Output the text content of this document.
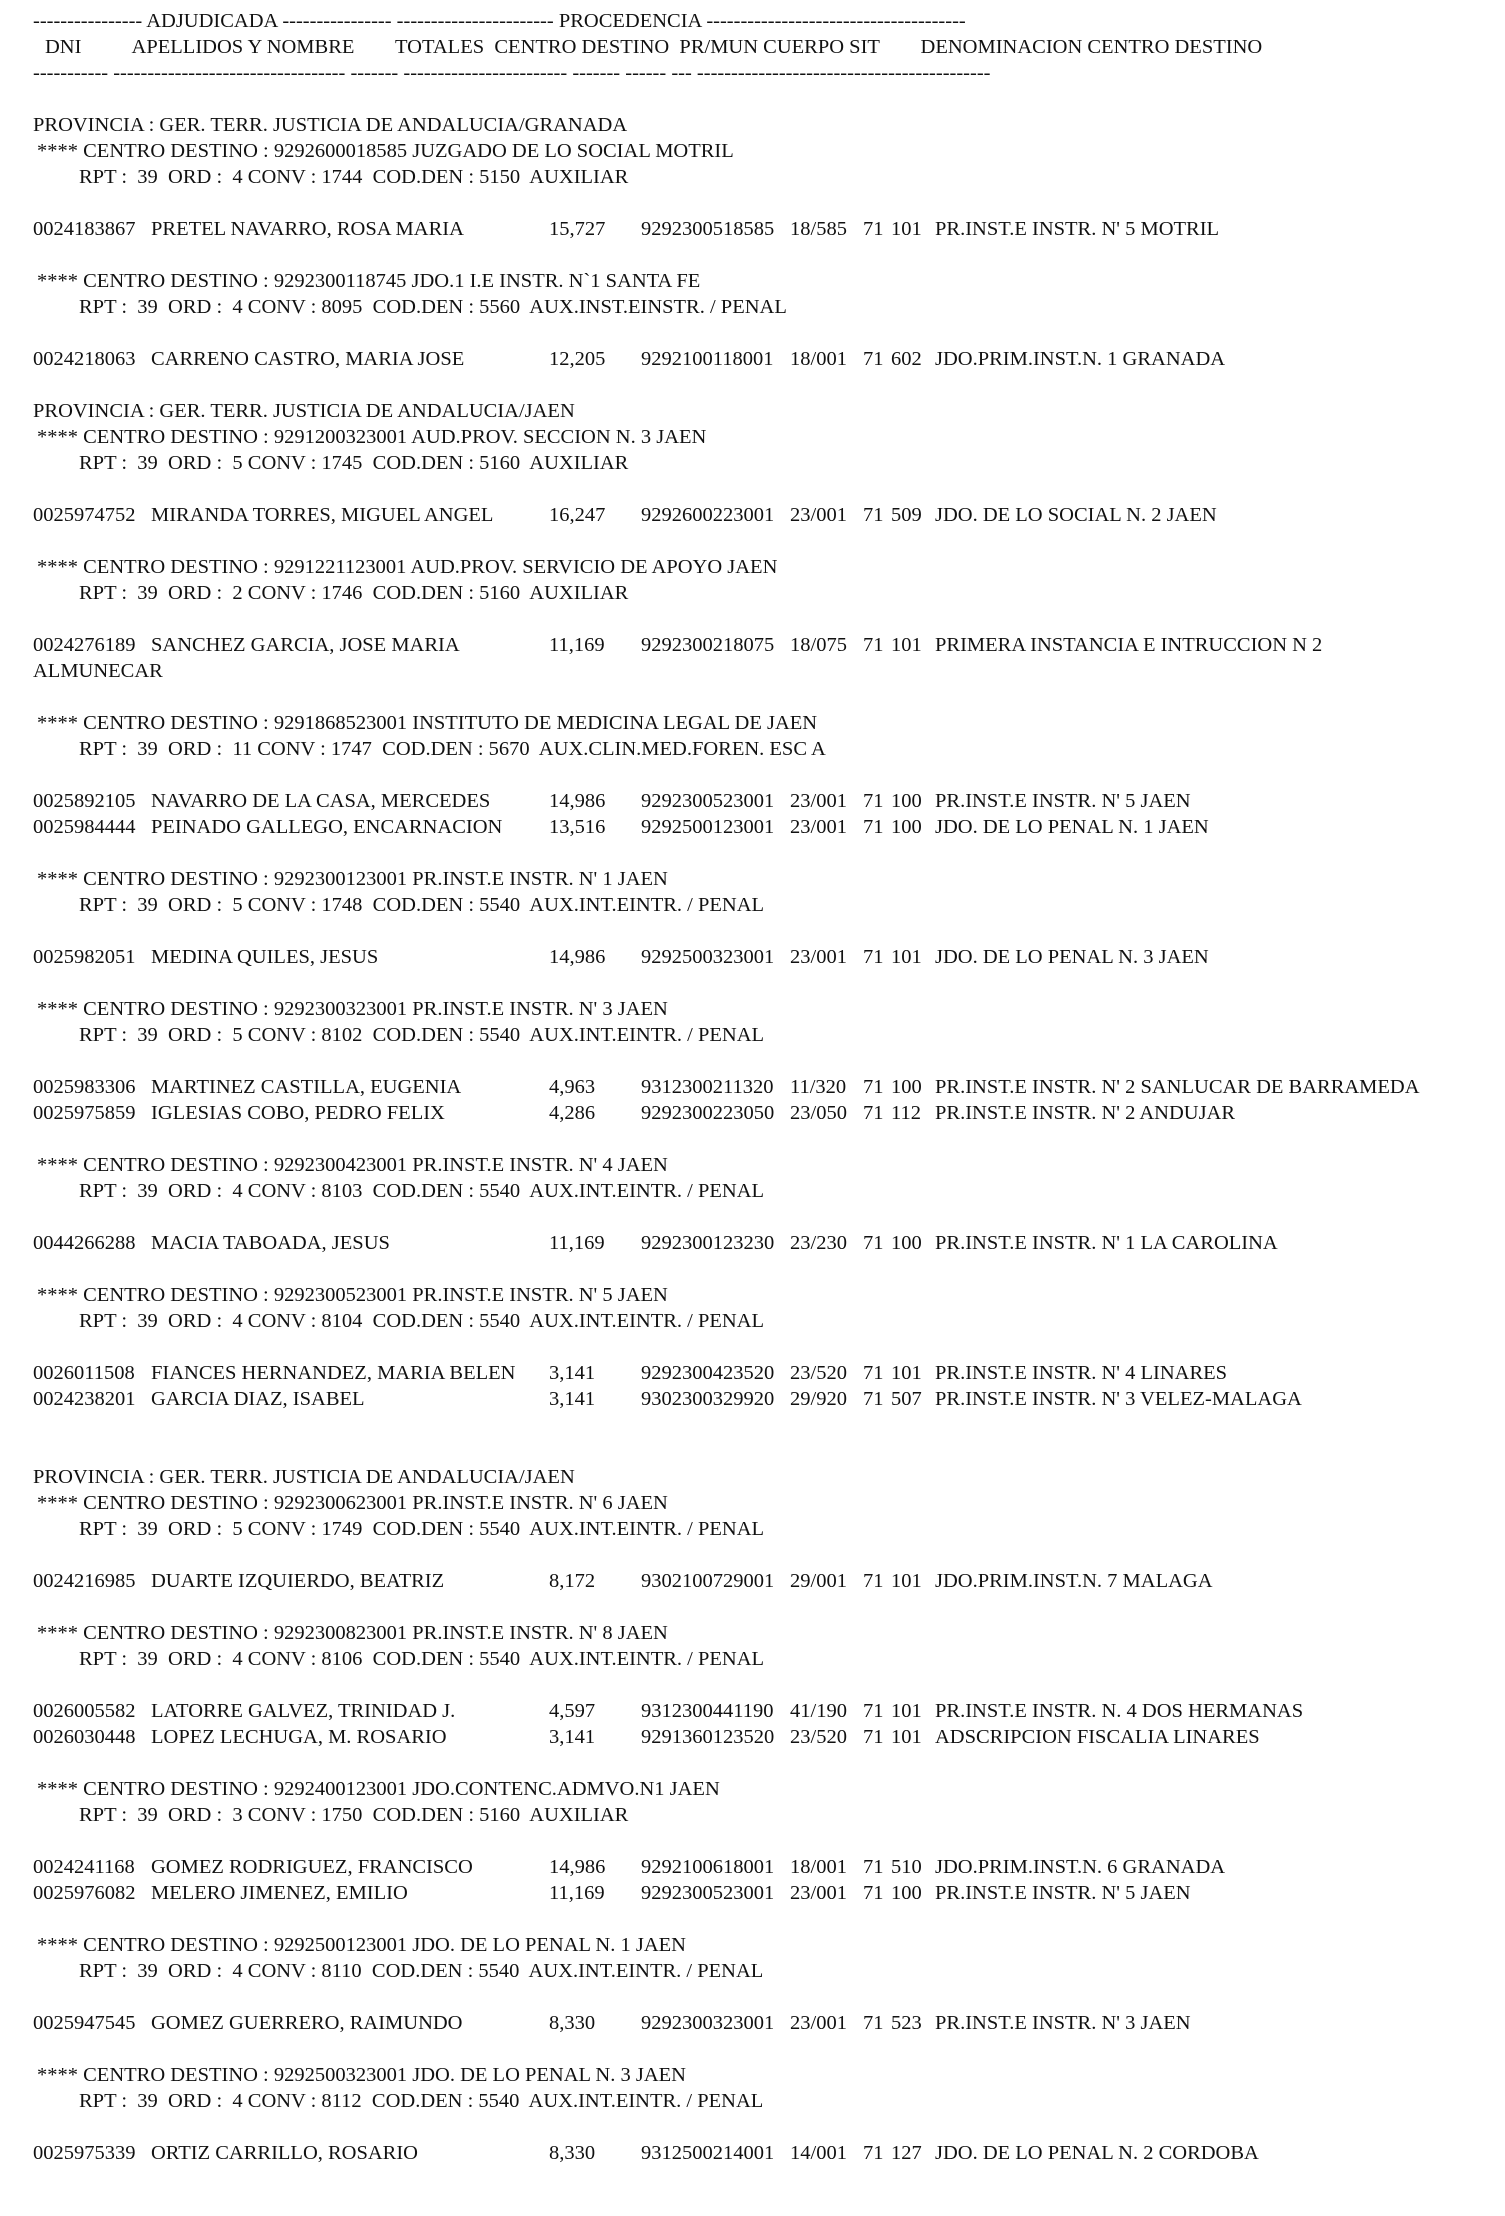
---------------- ADJUDICADA ---------------- ----------------------- PROCEDENCIA --------------------------------------
DNI          APELLIDOS Y NOMBRE        TOTALES  CENTRO DESTINO  PR/MUN CUERPO SIT        DENOMINACION CENTRO DESTINO
----------- ---------------------------------- ------- ------------------------ ------- ------ --- -------------------------------------------
PROVINCIA : GER. TERR. JUSTICIA DE ANDALUCIA/GRANADA
**** CENTRO DESTINO : 9292600018585 JUZGADO DE LO SOCIAL MOTRIL
RPT :  39  ORD :  4 CONV : 1744  COD.DEN : 5150  AUXILIAR
0024183867 PRETEL NAVARRO, ROSA MARIA	15,727 9292300518585 18/585 71 101 PR.INST.E INSTR. N' 5 MOTRIL
**** CENTRO DESTINO : 9292300118745 JDO.1 I.E INSTR. N`1 SANTA FE
RPT :  39  ORD :  4 CONV : 8095  COD.DEN : 5560  AUX.INST.EINSTR. / PENAL
0024218063 CARRENO CASTRO, MARIA JOSE	12,205 9292100118001 18/001 71 602 JDO.PRIM.INST.N. 1 GRANADA
PROVINCIA : GER. TERR. JUSTICIA DE ANDALUCIA/JAEN
**** CENTRO DESTINO : 9291200323001 AUD.PROV. SECCION N. 3 JAEN
RPT :  39  ORD :  5 CONV : 1745  COD.DEN : 5160  AUXILIAR
0025974752 MIRANDA TORRES, MIGUEL ANGEL	16,247 9292600223001 23/001 71 509 JDO. DE LO SOCIAL N. 2 JAEN
**** CENTRO DESTINO : 9291221123001 AUD.PROV. SERVICIO DE APOYO JAEN
RPT :  39  ORD :  2 CONV : 1746  COD.DEN : 5160  AUXILIAR
0024276189 SANCHEZ GARCIA, JOSE MARIA	11,169 9292300218075 18/075 71 101 PRIMERA INSTANCIA E INTRUCCION N 2
ALMUNECAR
**** CENTRO DESTINO : 9291868523001 INSTITUTO DE MEDICINA LEGAL DE JAEN
RPT :  39  ORD :  11 CONV : 1747  COD.DEN : 5670  AUX.CLIN.MED.FOREN. ESC A
0025892105 NAVARRO DE LA CASA, MERCEDES	14,986 9292300523001 23/001 71 100 PR.INST.E INSTR. N' 5 JAEN
0025984444 PEINADO GALLEGO, ENCARNACION 13,516 9292500123001 23/001 71 100 JDO. DE LO PENAL N. 1 JAEN
**** CENTRO DESTINO : 9292300123001 PR.INST.E INSTR. N' 1 JAEN
RPT :  39  ORD :  5 CONV : 1748  COD.DEN : 5540  AUX.INT.EINTR. / PENAL
0025982051 MEDINA QUILES, JESUS	14,986 9292500323001 23/001 71 101 JDO. DE LO PENAL N. 3 JAEN
**** CENTRO DESTINO : 9292300323001 PR.INST.E INSTR. N' 3 JAEN
RPT :  39  ORD :  5 CONV : 8102  COD.DEN : 5540  AUX.INT.EINTR. / PENAL
0025983306 MARTINEZ CASTILLA, EUGENIA	4,963 9312300211320 11/320 71 100 PR.INST.E INSTR. N' 2 SANLUCAR DE BARRAMEDA
0025975859 IGLESIAS COBO, PEDRO FELIX	4,286 9292300223050 23/050 71 112 PR.INST.E INSTR. N' 2 ANDUJAR
**** CENTRO DESTINO : 9292300423001 PR.INST.E INSTR. N' 4 JAEN
RPT :  39  ORD :  4 CONV : 8103  COD.DEN : 5540  AUX.INT.EINTR. / PENAL
0044266288 MACIA TABOADA, JESUS	11,169 9292300123230 23/230 71 100 PR.INST.E INSTR. N' 1 LA CAROLINA
**** CENTRO DESTINO : 9292300523001 PR.INST.E INSTR. N' 5 JAEN
RPT :  39  ORD :  4 CONV : 8104  COD.DEN : 5540  AUX.INT.EINTR. / PENAL
0026011508 FIANCES HERNANDEZ, MARIA BELEN 3,141 9292300423520 23/520 71 101 PR.INST.E INSTR. N' 4 LINARES
0024238201 GARCIA DIAZ, ISABEL	3,141 9302300329920 29/920 71 507 PR.INST.E INSTR. N' 3 VELEZ-MALAGA
PROVINCIA : GER. TERR. JUSTICIA DE ANDALUCIA/JAEN
**** CENTRO DESTINO : 9292300623001 PR.INST.E INSTR. N' 6 JAEN
RPT :  39  ORD :  5 CONV : 1749  COD.DEN : 5540  AUX.INT.EINTR. / PENAL
0024216985 DUARTE IZQUIERDO, BEATRIZ	8,172 9302100729001 29/001 71 101 JDO.PRIM.INST.N. 7 MALAGA
**** CENTRO DESTINO : 9292300823001 PR.INST.E INSTR. N' 8 JAEN
RPT :  39  ORD :  4 CONV : 8106  COD.DEN : 5540  AUX.INT.EINTR. / PENAL
0026005582 LATORRE GALVEZ, TRINIDAD J.	4,597 9312300441190 41/190 71 101 PR.INST.E INSTR. N. 4 DOS HERMANAS
0026030448 LOPEZ LECHUGA, M. ROSARIO	3,141 9291360123520 23/520 71 101 ADSCRIPCION FISCALIA LINARES
**** CENTRO DESTINO : 9292400123001 JDO.CONTENC.ADMVO.N1 JAEN
RPT :  39  ORD :  3 CONV : 1750  COD.DEN : 5160  AUXILIAR
0024241168 GOMEZ RODRIGUEZ, FRANCISCO	14,986 9292100618001 18/001 71 510 JDO.PRIM.INST.N. 6 GRANADA
0025976082 MELERO JIMENEZ, EMILIO	11,169 9292300523001 23/001 71 100 PR.INST.E INSTR. N' 5 JAEN
**** CENTRO DESTINO : 9292500123001 JDO. DE LO PENAL N. 1 JAEN
RPT :  39  ORD :  4 CONV : 8110  COD.DEN : 5540  AUX.INT.EINTR. / PENAL
0025947545 GOMEZ GUERRERO, RAIMUNDO	8,330 9292300323001 23/001 71 523 PR.INST.E INSTR. N' 3 JAEN
**** CENTRO DESTINO : 9292500323001 JDO. DE LO PENAL N. 3 JAEN
RPT :  39  ORD :  4 CONV : 8112  COD.DEN : 5540  AUX.INT.EINTR. / PENAL
0025975339 ORTIZ CARRILLO, ROSARIO	8,330 9312500214001 14/001 71 127 JDO. DE LO PENAL N. 2 CORDOBA
